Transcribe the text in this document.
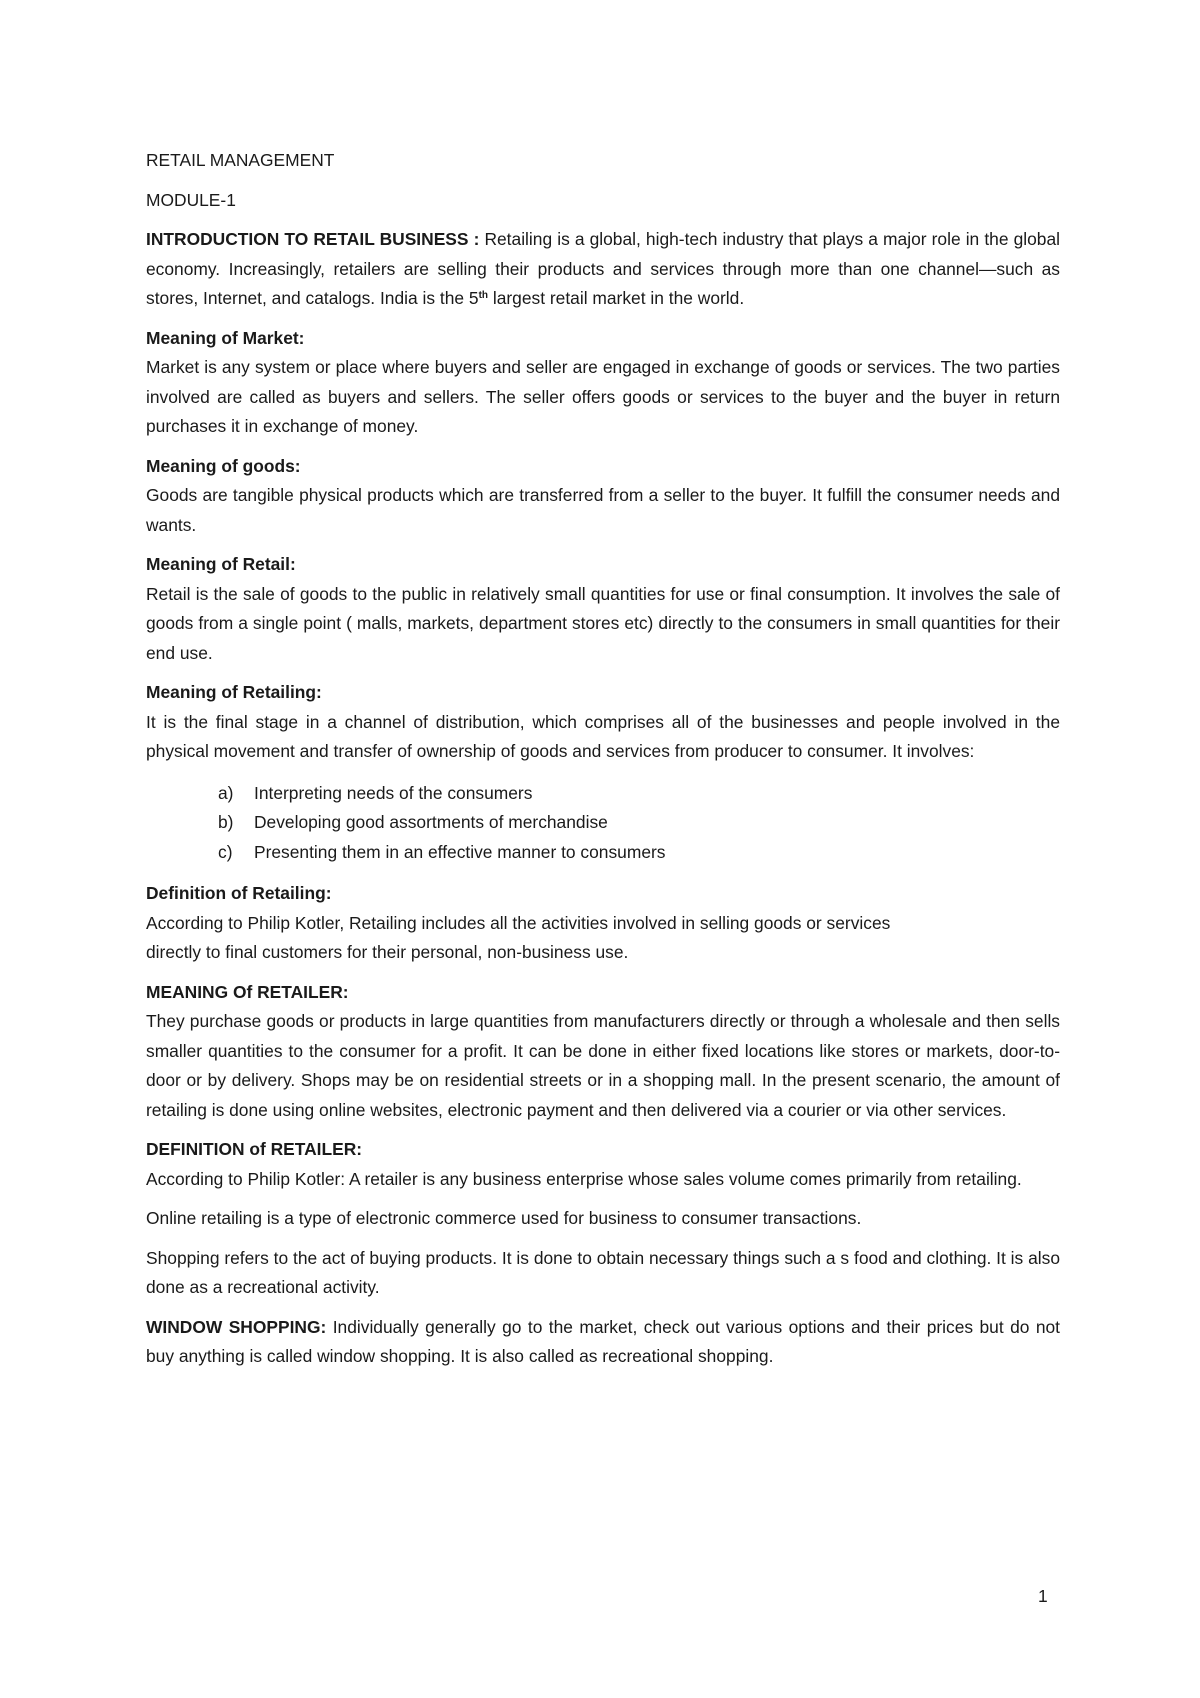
RETAIL MANAGEMENT

MODULE-1

INTRODUCTION TO RETAIL BUSINESS : Retailing is a global, high-tech industry that plays a major role in the global economy. Increasingly, retailers are selling their products and services through more than one channel—such as stores, Internet, and catalogs. India is the 5th largest retail market in the world.

Meaning of Market:
Market is any system or place where buyers and seller are engaged in exchange of goods or services. The two parties involved are called as buyers and sellers. The seller offers goods or services to the buyer and the buyer in return purchases it in exchange of money.
Meaning of goods:
Goods are tangible physical products which are transferred from a seller to the buyer. It fulfill the consumer needs and wants.
Meaning of Retail:
Retail is the sale of goods to the public in relatively small quantities for use or final consumption. It involves the sale of goods from a single point ( malls, markets, department stores etc) directly to the consumers in small quantities for their end use.
Meaning of Retailing:
It is the final stage in a channel of distribution, which comprises all of the businesses and people involved in the physical movement and transfer of ownership of goods and services from producer to consumer. It involves:
a) Interpreting needs of the consumers
b) Developing good assortments of merchandise
c) Presenting them in an effective manner to consumers
Definition of Retailing:
According to Philip Kotler, Retailing includes all the activities involved in selling goods or services
directly to final customers for their personal, non-business use.
MEANING Of RETAILER:
They purchase goods or products in large quantities from manufacturers directly or through a wholesale and then sells smaller quantities to the consumer for a profit. It can be done in either fixed locations like stores or markets, door-to-door or by delivery. Shops may be on residential streets or in a shopping mall. In the present scenario, the amount of retailing is done using online websites, electronic payment and then delivered via a courier or via other services.
DEFINITION of RETAILER:
According to Philip Kotler: A retailer is any business enterprise whose sales volume comes primarily from retailing.

Online retailing is a type of electronic commerce used for business to consumer transactions.

Shopping refers to the act of buying products. It is done to obtain necessary things such a s food and clothing. It is also done as a recreational activity.

WINDOW SHOPPING: Individually generally go to the market, check out various options and their prices but do not buy anything is called window shopping. It is also called as recreational shopping.

1
